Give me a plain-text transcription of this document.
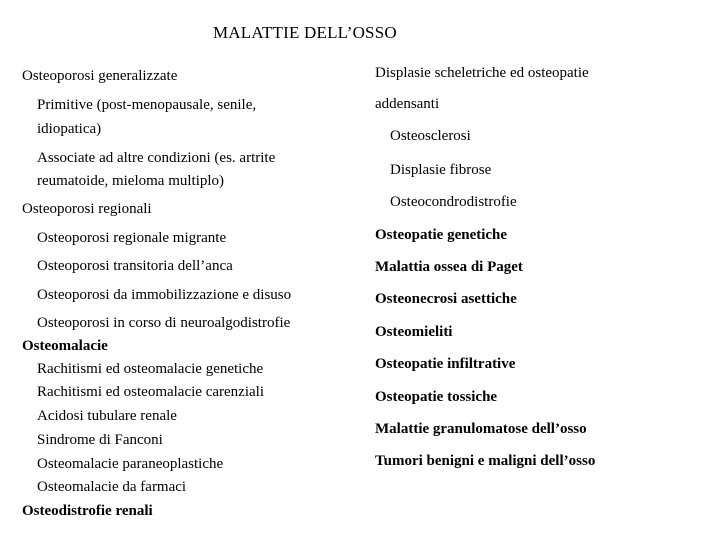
MALATTIE DELL’OSSO
Osteoporosi generalizzate
Primitive (post-menopausale, senile,
idiopatica)
Associate ad altre condizioni (es. artrite
reumatoide, mieloma multiplo)
Osteoporosi regionali
Osteoporosi regionale migrante
Osteoporosi transitoria dell’anca
Osteoporosi da immobilizzazione e disuso
Osteoporosi in corso di neuroalgodistrofie
Osteomalacie
Rachitismi ed osteomalacie genetiche
Rachitismi ed osteomalacie carenziali
Acidosi tubulare renale
Sindrome di Fanconi
Osteomalacie paraneoplastiche
Osteomalacie da farmaci
Osteodistrofie renali
Displasie scheletriche ed osteopatie
addensanti
Osteosclerosi
Displasie fibrose
Osteocondrodistrofie
Osteopatie genetiche
Malattia ossea di Paget
Osteonecrosi asettiche
Osteomieliti
Osteopatie infiltrative
Osteopatie tossiche
Malattie granulomatose dell’osso
Tumori benigni e maligni dell’osso
